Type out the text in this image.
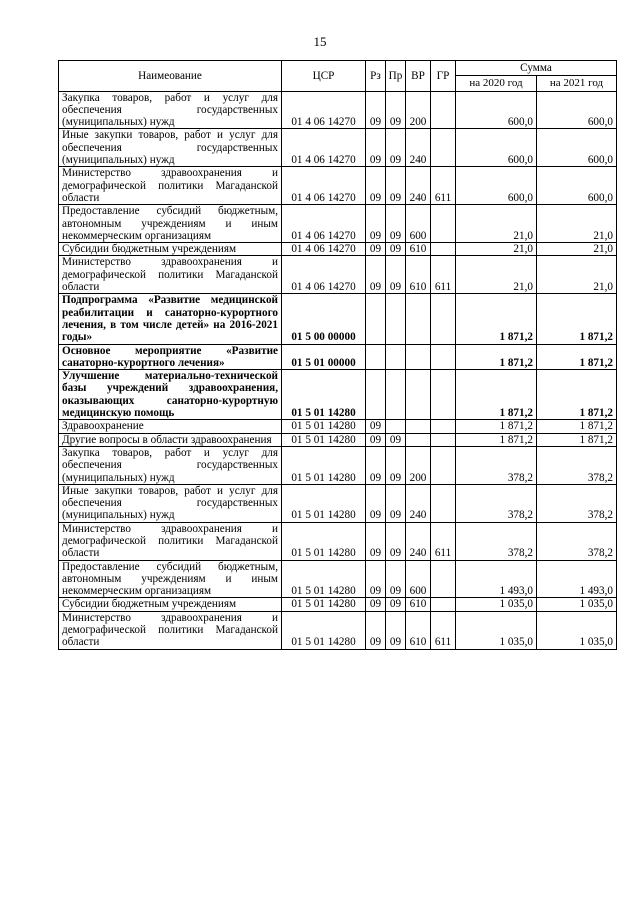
15
Наимеование	ЦСР	Рз	Пр	ВР	ГР	Сумма	
						на 2020 год	на 2021 год
Закупка товаров, работ и услуг для обеспечения государственных (муниципальных) нужд	01 4 06 14270	09	09	200		600,0	600,0
Иные закупки товаров, работ и услуг для обеспечения государственных (муниципальных) нужд	01 4 06 14270	09	09	240		600,0	600,0
Министерство здравоохранения и демографической политики Магаданской области	01 4 06 14270	09	09	240	611	600,0	600,0
Предоставление субсидий бюджетным, автономным учреждениям и иным некоммерческим организациям	01 4 06 14270	09	09	600		21,0	21,0
Субсидии бюджетным учреждениям	01 4 06 14270	09	09	610		21,0	21,0
Министерство здравоохранения и демографической политики Магаданской области	01 4 06 14270	09	09	610	611	21,0	21,0
Подпрограмма «Развитие медицинской реабилитации и санаторно-курортного лечения, в том числе детей» на 2016-2021 годы»	01 5 00 00000					1 871,2	1 871,2
Основное мероприятие «Развитие санаторно-курортного лечения»	01 5 01 00000					1 871,2	1 871,2
Улучшение материально-технической базы учреждений здравоохранения, оказывающих санаторно-курортную медицинскую помощь	01 5 01 14280					1 871,2	1 871,2
Здравоохранение	01 5 01 14280	09				1 871,2	1 871,2
Другие вопросы в области здравоохранения	01 5 01 14280	09	09			1 871,2	1 871,2
Закупка товаров, работ и услуг для обеспечения государственных (муниципальных) нужд	01 5 01 14280	09	09	200		378,2	378,2
Иные закупки товаров, работ и услуг для обеспечения государственных (муниципальных) нужд	01 5 01 14280	09	09	240		378,2	378,2
Министерство здравоохранения и демографической политики Магаданской области	01 5 01 14280	09	09	240	611	378,2	378,2
Предоставление субсидий бюджетным, автономным учреждениям и иным некоммерческим организациям	01 5 01 14280	09	09	600		1 493,0	1 493,0
Субсидии бюджетным учреждениям	01 5 01 14280	09	09	610		1 035,0	1 035,0
Министерство здравоохранения и демографической политики Магаданской области	01 5 01 14280	09	09	610	611	1 035,0	1 035,0
